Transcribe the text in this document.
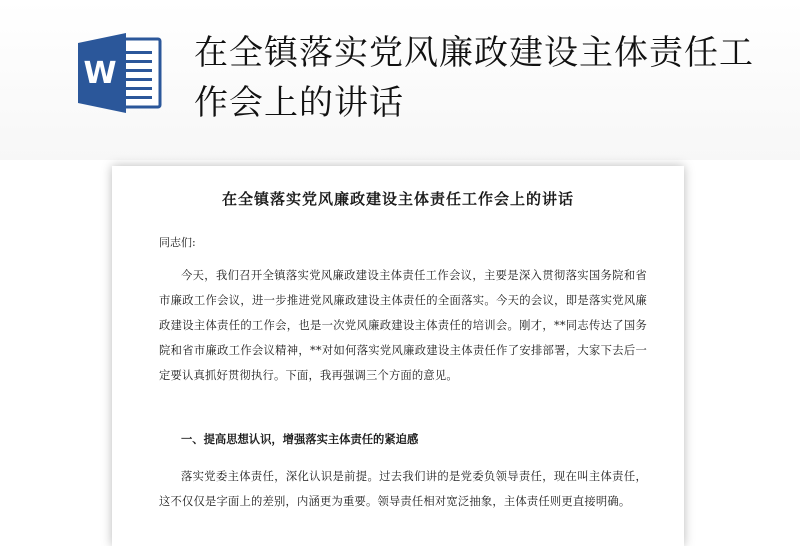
W
在全镇落实党风廉政建设主体责任工作会上的讲话
在全镇落实党风廉政建设主体责任工作会上的讲话
同志们:
今天，我们召开全镇落实党风廉政建设主体责任工作会议，主要是深入贯彻落实国务院和省市廉政工作会议，进一步推进党风廉政建设主体责任的全面落实。今天的会议，即是落实党风廉政建设主体责任的工作会，也是一次党风廉政建设主体责任的培训会。刚才，**同志传达了国务院和省市廉政工作会议精神，**对如何落实党风廉政建设主体责任作了安排部署，大家下去后一定要认真抓好贯彻执行。下面，我再强调三个方面的意见。
一、提高思想认识，增强落实主体责任的紧迫感
落实党委主体责任，深化认识是前提。过去我们讲的是党委负领导责任，现在叫主体责任，这不仅仅是字面上的差别，内涵更为重要。领导责任相对宽泛抽象，主体责任则更直接明确。
